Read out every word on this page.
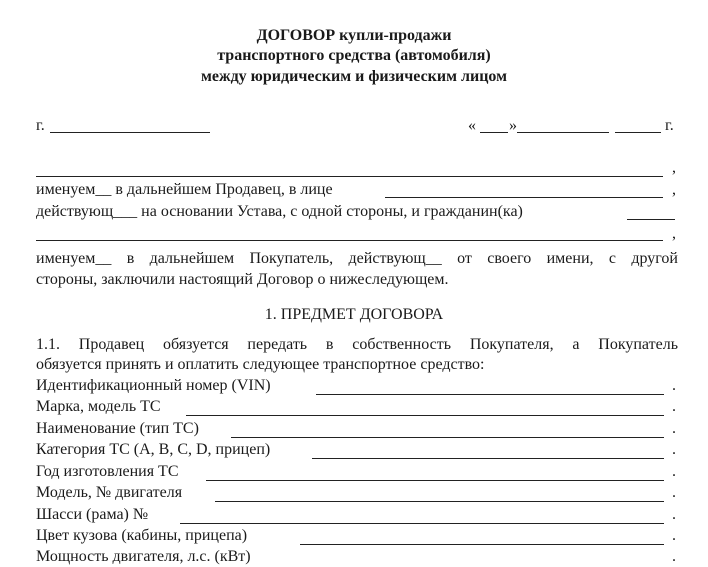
ДОГОВОР купли-продажи
транспортного средства (автомобиля)
между юридическим и физическим лицом
г.	« »	г.
,
именуем__ в дальнейшем Продавец, в лице	,
действующ___ на основании Устава, с одной стороны, и гражданин(ка)
,
именуем__ в дальнейшем Покупатель, действующ__ от своего имени, с другой
стороны, заключили настоящий Договор о нижеследующем.
1. ПРЕДМЕТ ДОГОВОРА
1.1. Продавец обязуется передать в собственность Покупателя, а Покупатель
обязуется принять и оплатить следующее транспортное средство:
Идентификационный номер (VIN)	.
Марка, модель ТС	.
Наименование (тип ТС)	.
Категория ТС (А, В, С, D, прицеп)	.
Год изготовления ТС	.
Модель, № двигателя	.
Шасси (рама) №	.
Цвет кузова (кабины, прицепа)	.
Мощность двигателя, л.с. (кВт)	.
